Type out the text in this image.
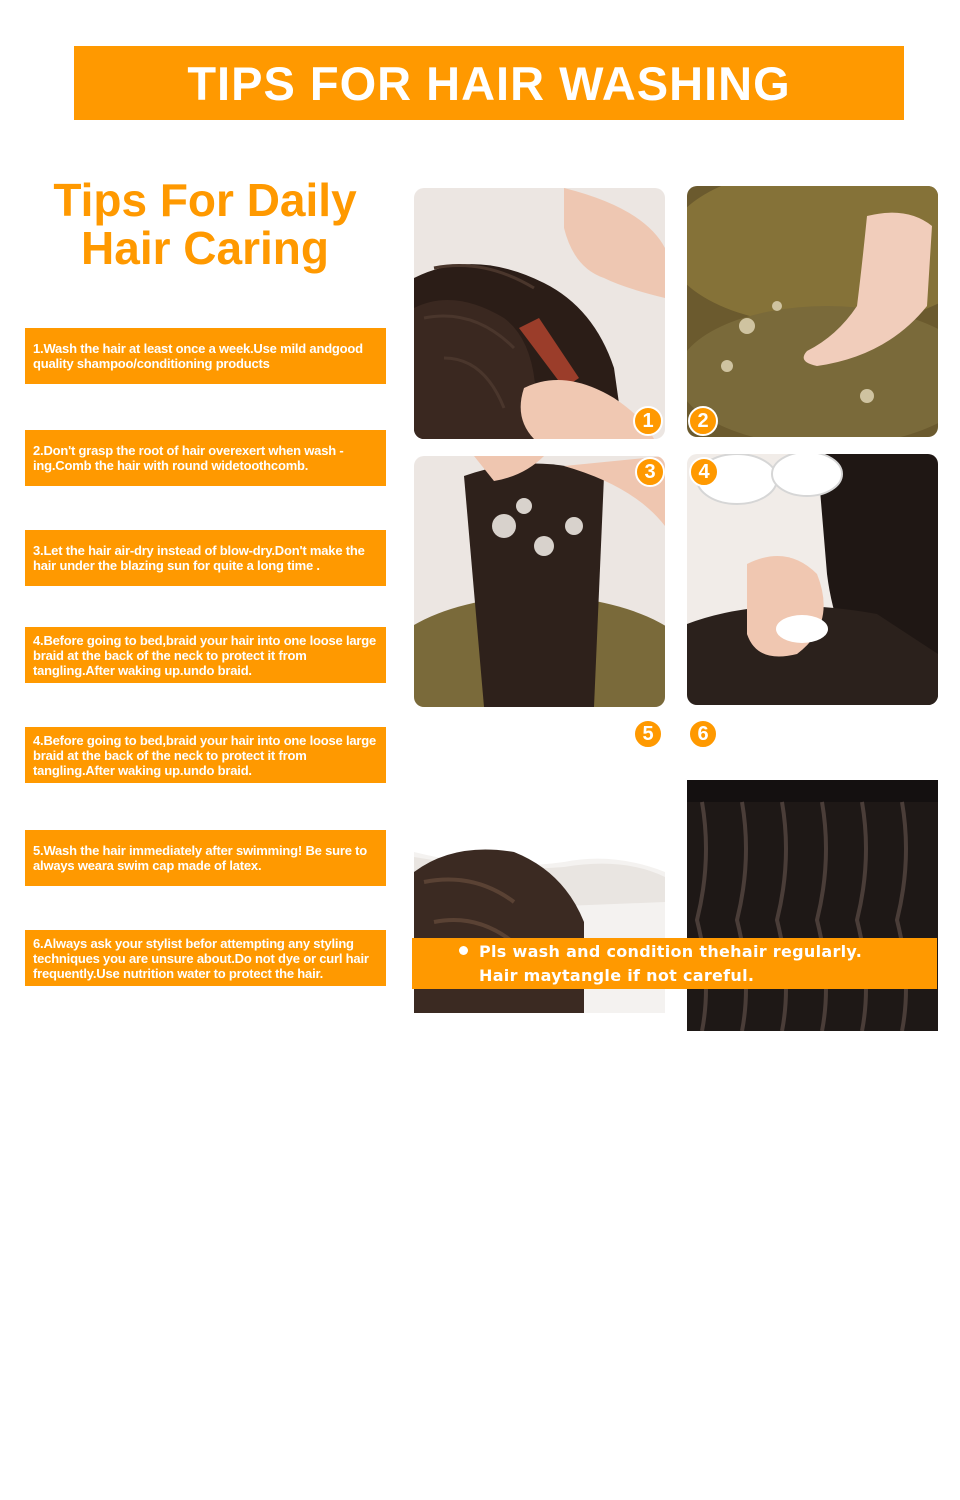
TIPS FOR HAIR WASHING
Tips For Daily
Hair Caring
1.Wash the hair at least once a week.Use mild andgood quality shampoo/conditioning products
2.Don't grasp the root of hair overexert when wash -ing.Comb the hair with round widetoothcomb.
3.Let the hair air-dry instead of blow-dry.Don't make the hair under the blazing sun for quite a long time .
4.Before going to bed,braid your hair into one loose large braid at the back of the neck to protect it from tangling.After waking up.undo braid.
4.Before going to bed,braid your hair into one loose large braid at the back of the neck to protect it from tangling.After waking up.undo braid.
5.Wash the hair immediately after swimming! Be sure to always weara swim cap made of latex.
6.Always ask your stylist befor attempting any styling techniques you are unsure about.Do not dye or curl hair frequently.Use nutrition water to protect the hair.
1	2
3	4
5	6
Pls wash and condition thehair regularly.
Hair maytangle if not careful.
